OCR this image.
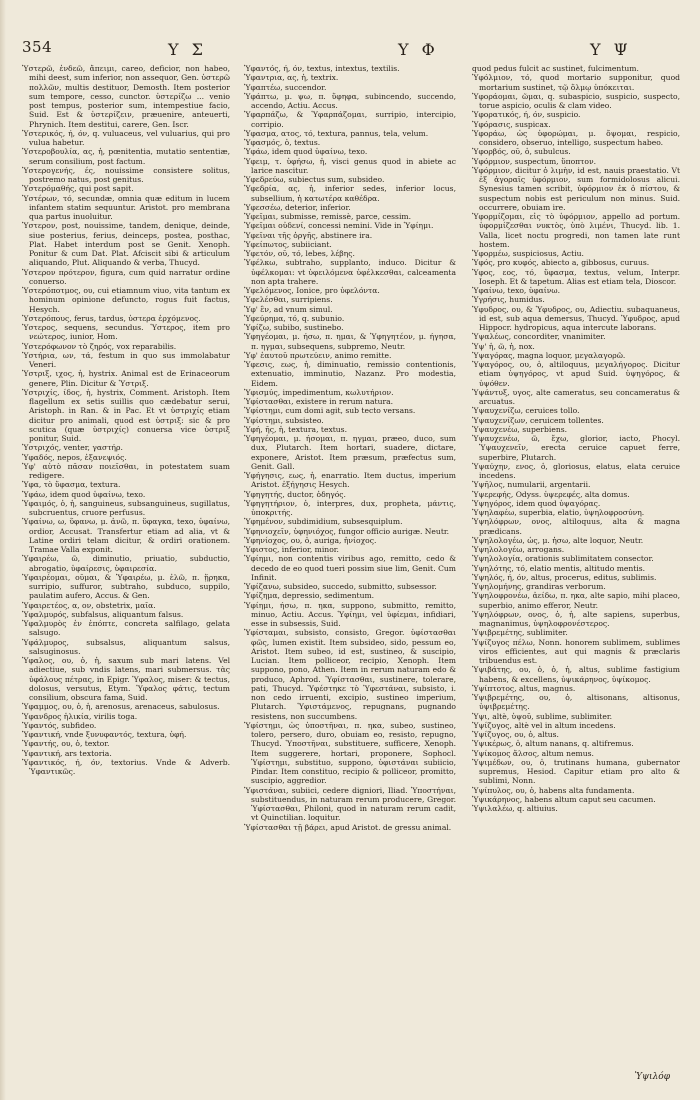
354	Υ Σ	Υ Φ	Υ Ψ

Ὑστερῶ, ἐνδεῶ, ἄπειμι, careo, deficior, non habeo, mihi deest, sum inferior, non assequor, Gen. ὑστερῶ πολλῶν, multis destituor, Demosth. Item posterior sum tempore, cesso, cunctor. ὑστερίζω ... venio post tempus, posterior sum, intempestiue facio, Suid. Est & ὑστερίζειν, præuenire, anteuerti, Phrynich. Item destitui, carere, Gen. Iscr.

Ὑστερικός, ή, όν, q. vuluaceus, vel vuluarius, qui pro vulua habetur.

Ὑστεροβουλία, ας, ἡ, pœnitentia, mutatio sententiæ, serum consilium, post factum.

Ὑστερογενής, ές, nouissime consistere solitus, postremo natus, post genitus.

Ὑστερόμαθής, qui post sapit.

Ὑστέρων, τό, secundæ, omnia quæ editum in lucem infantem statim sequuntur. Aristot. pro membrana qua partus inuoluitur.

Ὑστερον, post, nouissime, tandem, denique, deinde, siue posterius, ferius, deinceps, postea, posthac, Plat. Habet interdum post se Genit. Xenoph. Ponitur & cum Dat. Plat. Afciscit sibi & articulum aliquando, Plut. Aliquando & verba, Thucyd.

Ὑστερον πρότερον, figura, cum quid narratur ordine conuerso.

Ὑστερόποτμος, ου, cui etiamnum viuo, vita tantum ex hominum opinione defuncto, rogus fuit factus, Hesych.

Ὑστερόπους, ferus, tardus, ὑστερα ἐρχόμενος.

Ὑστερος, sequens, secundus. Ὑστερος, item pro νεώτερος, iunior, Hom.

Ὑστερόφωνον τὸ ζηρός, vox reparabilis.

Ὑστήρια, ων, τά, festum in quo sus immolabatur Veneri.

Ὑστριξ, ιχος, ἡ, hystrix. Animal est de Erinaceorum genere, Plin. Dicitur & Ὑστριξ.

Ὑστριχίς, ίδος, ἡ, hystrix, Comment. Aristoph. Item flagellum ex setis suillis quo cædebatur serui, Aristoph. in Ran. & in Pac. Et vt ὑστριχίς etiam dicitur pro animali, quod est ὑστριξ: sic & pro scutica (quæ ὑστριχίς) conuersa vice ὑστριξ ponitur, Suid.

Ὑστριχός, venter, γαστήρ.

Ὑφαδός, nepos, ἐξανεψιός.

Ὑφ' αὑτὸ πᾶσαν ποιεῖσθαι, in potestatem suam redigere.

Ὑφα, τὸ ὕφασμα, textura.

Ὑφάω, idem quod ὑφαίνω, texo.

Ὑφαιμός, ὁ, ἡ, sanguineus, subsanguineus, sugillatus, subcruentus, cruore perfusus.

Ὑφαίνω, ω, ὕφανω, μ. ἀνῶ, π. ὕφαγκα, texo, ὑφαίνω, ordior, Accusat. Transfertur etiam ad alia, vt & Latine ordiri telam dicitur, & ordiri orationem. Tramae Valla exponit.

Ὑφαιρέω, ῶ, diminutio, priuatio, subductio, abrogatio, ὑφαίρεσις, ὑφαιρεσία.

Ὑφαιρέομαι, οῦμαι, & Ὑφαιρέω, μ. ἑλῶ, π. ᾕρηκα, surripio, suffuror, subtraho, subduco, suppilo, paulatim aufero, Accus. & Gen.

Ὑφαιρετέος, α, ον, obstetrix, μαῖα.

Ὑφαλμυρός, subfalsus, aliquantum falsus.

Ὑφαλμυρὸς ἐν ἐπόπτε, concreta salfilago, gelata salsugo.

Ὑφάλμυρος, subsalsus, aliquantum salsus, salsuginosus.

Ὑφαλος, ου, ὁ, ἡ, saxum sub mari latens. Vel adiectiue, sub vndis latens, mari submersus. τὰς ὑφάλους πέτρας, in Epigr. Ὑφαλος, miser: & tectus, dolosus, versutus, Etym. Ὑφαλος φάτις, tectum consilium, obscura fama, Suid.

Ὑφαμμος, ου, ὁ, ἡ, arenosus, arenaceus, sabulosus.

Ὑφανδρος ἡλικία, virilis toga.

Ὑφαντός, subfideo.

Ὑφαντική, vnde ξυνυφαντός, textura, ὑφή.

Ὑφαντής, ου, ὁ, textor.

Ὑφαντική, ars textoria.

Ὑφαντικός, ή, όν, textorius. Vnde & Adverb. Ὑφαντικῶς.

Ὑφαντός, ή, όν, textus, intextus, textilis.

Ὑφαντρια, ας, ἡ, textrix.

Ὑφαπτέω, succendor.

Ὑφάπτω, μ. ψω, π. ὕφηφα, subincendo, succendo, accendo, Actiu. Accus.

Ὑφαρπάζω, & Ὑφαρπάζομαι, surripio, intercipio, corripio.

Ὑφασμα, ατος, τό, textura, pannus, tela, velum.

Ὑφασμός, ὁ, textus.

Ὑφάω, idem quod ὑφαίνω, texo.

Ὑφειμ, τ. ὑφήσω, ἡ, visci genus quod in abiete ac larice nascitur.

Ὑφεδρεύω, subiectus sum, subsideo.

Ὑφεδρία, ας, ἡ, inferior sedes, inferior locus, subsellium, ἡ κατωτέρα καθέδρα.

Ὑφεσσέω, deterior, inferior.

Ὑφεῖμαι, submisse, remissè, parce, cessim.

Ὑφεῖμαι οὐδενί, concessi nemini. Vide in Ὑφίημι.

Ὑφεῖναι τῆς ὀργῆς, abstinere ira.

Ὑφείπωτος, subiiciant.

Ὑφετόν, οῦ, τό, lebes, λέβης.

Ὑφέλκω, subtraho, supplanto, induco. Dicitur & ὑφέλκομαι: vt ὑφειλόμενα ὑφέλκεσθαι, calceamenta non apta trahere.

Ὑφελόμενος, Ionice, pro ὑφελόντα.

Ὑφελέσθαι, surripiens.

Ὑφ' ἓν, ad vnum simul.

Ὑφεύρημα, τό, q. subunio.

Ὑφίζω, subibo, sustinebo.

Ὑφηγέομαι, μ. ήσω, π. ημαι, & Ὑφηγητέον, μ. ήγησα, π. ηγμαι, subsequens, subpremo, Neutr.

Ὑφ' ἑαυτοῦ πρωτεύειν, animo remitte.

Ὑφεσις, εως, ἡ, diminuatio, remissio contentionis, extenuatio, imminutio, Nazanz. Pro modestia, Eidem.

Ὑφισμύς, impedimentum, κωλυτήριον.

Ὑφίστασθαι, existere in rerum natura.

Ὑφίστημι, cum domi agit, sub tecto versans.

Ὑφίστημι, subsisteo.

Ὑφή, ῆς, ἡ, textura, textus.

Ὑφηγέομαι, μ. ήσομαι, π. ηγμαι, præeo, duco, sum dux, Plutarch. Item hortari, suadere, dictare, exponere, Aristot. Item præsum, præfectus sum, Genit. Gall.

Ὑφήγησις, εως, ἡ, enarratio. Item ductus, imperium Aristot. ἐξήγησις Hesych.

Ὑφηγητής, ductor, ὁδηγός.

Ὑφηγητήριον, ὁ, interpres, dux, propheta, μάντις, ὑποκριτής.

Ὑφημένον, subdimidium, subsesquiplum.

Ὑφηνιοχεῖν, ὑφηνιόχος, fungor officio aurigæ. Neutr.

Ὑφηνίοχος, ου, ὁ, auriga, ἡνίοχος.

Ὑφιστος, inferior, minor.

Ὑφίημι, non contentis viribus ago, remitto, cedo & decedo de eo quod tueri possim siue lim, Genit. Cum Infinit.

Ὑφίζανω, subsideo, succedo, submitto, subsessor.

Ὑφίζημα, depressio, sedimentum.

Ὑφίημι, ήσω, π. ηκα, suppono, submitto, remitto, minuo, Actiu. Accus. Ὑφίημι, vel ὑφίεμαι, infidiari, esse in subsessis, Suid.

Ὑφίσταμαι, subsisto, consisto, Gregor. ὑφίστασθαι φῶς, lumen existit. Item subsideo, sido, pessum eo, Aristot. Item subeo, id est, sustineo, & suscipio, Lucian. Item polliceor, recipio, Xenoph. Item suppono, pono, Athen. Item in rerum naturam edo & produco, Aphrod. Ὑφίστασθαι, sustinere, tolerare, pati, Thucyd. Ὑφέστηκε τὸ Ὑφεστάναι, subsisto, i. non cedo irruenti, excipio, sustineo imperium, Plutarch. Ὑφιστάμενος, repugnans, pugnando resistens, non succumbens.

Ὑφίστημι, ὡς ὑποστῆναι, π. ηκα, subeo, sustineo, tolero, persero, duro, obuiam eo, resisto, repugno, Thucyd. Ὑποστῆναι, substituere, sufficere, Xenoph. Item suggerere, hortari, proponere, Sophocl. Ὑφίστημι, substituo, suppono, ὑφιστάναι subiicio, Pindar. Item constituo, recipio & polliceor, promitto, suscipio, aggredior.

Ὑφιστάναι, subiici, cedere digniori, Iliad. Ὑποστήναι, substituendus, in naturam rerum producere, Gregor. Ὑφίστασθαι, Philoni, quod in naturam rerum cadit, vt Quinctilian. loquitur.

Ὑφίστασθαι τῇ βάρει, apud Aristot. de gressu animal.

quod pedus fulcit ac sustinet, fulcimentum.

Ὑφόλμιον, τό, quod mortario supponitur, quod mortarium sustinet, τῷ ὅλμῳ ὑπόκειται.

Ὑφοράομαι, ῶμαι, q. subaspicio, suspicio, suspecto, torue aspicio, oculis & clam video.

Ὑφορατικός, ή, όν, suspicio.

Ὑφόρασις, suspicax.

Ὑφοράω, ὡς ὑφορώμαι, μ. ὄψομαι, respicio, considero, obseruo, intelligo, suspectum habeo.

Ὑφορβός, οῦ, ὁ, subulcus.

Ὑφόρμιον, suspectum, ὕποπτον.

Ὑφόρμιον, dicitur ὁ λιμὴν, id est, nauis praestatio. Vt ἐξ ἀγοραῖς ὑφόρμιον, sum formidolosus alicui. Synesius tamen scribit, ὑφόρμιον ἐκ ὁ πίστου, & suspectum nobis est periculum non minus. Suid. occurrere, obuiam ire.

Ὑφορμίζομαι, εἰς τὸ ὑφόρμιον, appello ad portum. ὑφορμίζεσθαι νυκτὸς, ὑπὸ λιμένι, Thucyd. lib. 1. Valla, licet noctu progredi, non tamen late runt hostem.

Ὑφορμέω, suspiciosus, Actiu.

Ὑφός, pro κυφός, abiecto a, gibbosus, curuus.

Ὑφος, εος, τό, ὕφασμα, textus, velum, Interpr. Ioseph. Et & tapetum. Alias est etiam tela, Dioscor.

Ὑφαίνω, texo, ὑφαίνω.

Ὑγρήσις, humidus.

Ὑφυδρος, ου, & Ὑφυδρος, ου, Adiectiu. subaquaneus, id est, sub aqua demersus, Thucyd. Ὑφυδρος, apud Hippocr. hydropicus, aqua intercute laborans.

Ὑψαλέως, concorditer, vnanimiter.

Ὑψ' ἡ, ῶ, ἡ, nox.

Ὑψαγόρας, magna loquor, μεγαλαγορῶ.

Ὑψαγόρος, ου, ὁ, altiloquus, μεγαλήγορος. Dicitur etiam ὑψηγόρος, vt apud Suid. ὑψηγόρος, & ὑψόθεν.

Ὑψάντυξ, υγος, alte cameratus, seu concameratus & arcuatus.

Ὑψαυχενίζω, ceruices tollo.

Ὑψαυχενίζων, ceruicem tollentes.

Ὑψαυχενέω, superbiens.

Ὑψαυχενέω, ῶ, ἔχω, glorior, iacto, Phocyl. Ὑψαυχενεῖν, erecta ceruice capuet ferre, superbire, Plutarch.

Ὑψαύχην, ενος, ὁ, gloriosus, elatus, elata ceruice incedens.

Ὑψῆλος, numularii, argentarii.

Ὑψερεφής, Odyss. ὑψερεφές, alta domus.

Ὑψηγόρος, idem quod ὑψαγόρας.

Ὑψηλαφέω, superbia, elatio, ὑψηλοφροσύνη.

Ὑψηλόφρων, ονος, altiloquus, alta & magna prædicans.

Ὑψηλολογέω, ὡς, μ. ἡσω, alte loquor, Neutr.

Ὑψηλολογέω, arrogans.

Ὑψηλολογία, orationis sublimitatem consector.

Ὑψηλότης, τό, elatio mentis, altitudo mentis.

Ὑψηλός, ή, όν, altus, procerus, editus, sublimis.

Ὑψηλομήνης, grandiras verborum.

Ὑψηλοφρονέω, ἀείδω, π. ηκα, alte sapio, mihi placeo, superbio, animo efferor, Neutr.

Ὑψηλόφρων, ονος, ὁ, ἡ, alte sapiens, superbus, magnanimus, ὑψηλοφρονέστερος.

Ὑψιβρεμέτης, sublimiter.

Ὑψίζυγος πέλω, Nonn. honorem sublimem, sublimes viros efficientes, aut qui magnis & præclaris tribuendus est.

Ὑψιβάτης, ου, ὁ, ὀ, ἡ, altus, sublime fastigium habens, & excellens, ὑψικάρηνος, ὑψίκομος.

Ὑψίπτοτος, altus, magnus.

Ὑψιβρεμέτης, ου, ὁ, altisonans, altisonus, ὑψιβρεμέτης.

Ὑψι, altè, ὑψοῦ, sublime, sublimiter.

Ὑψίζυγος, altè vel in altum incedens.

Ὑψίζυγος, ου, ὁ, altus.

Ὑψικέρως, ὁ, altum nanans, q. altifremus.

Ὑψίκομος ἄλσος, altum nemus.

Ὑψιμέδων, ου, ὁ, trutinans humana, gubernator supremus, Hesiod. Capitur etiam pro alto & sublimi, Nonn.

Ὑψίπυλος, ου, ὁ, habens alta fundamenta.

Ὑψικάρηνος, habens altum caput seu cacumen.

Ὑψιλαλέω, q. altiuius.

Ὑψιλόφ
